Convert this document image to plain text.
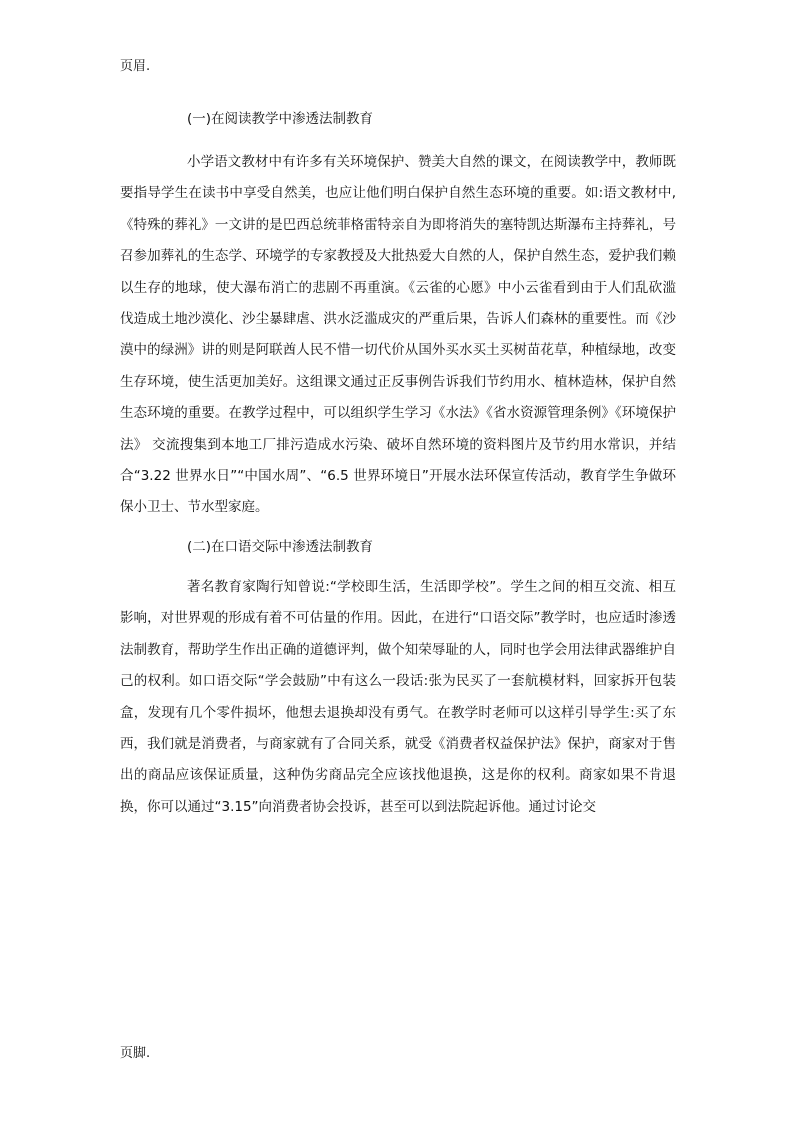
页眉.
(一)在阅读教学中渗透法制教育

小学语文教材中有许多有关环境保护、赞美大自然的课文，在阅读教学中，教师既要指导学生在读书中享受自然美，也应让他们明白保护自然生态环境的重要。如:语文教材中,《特殊的葬礼》一文讲的是巴西总统菲格雷特亲自为即将消失的塞特凯达斯瀑布主持葬礼，号召参加葬礼的生态学、环境学的专家教授及大批热爱大自然的人，保护自然生态，爱护我们赖以生存的地球，使大瀑布消亡的悲剧不再重演。《云雀的心愿》中小云雀看到由于人们乱砍滥伐造成土地沙漠化、沙尘暴肆虐、洪水泛滥成灾的严重后果，告诉人们森林的重要性。而《沙漠中的绿洲》讲的则是阿联酋人民不惜一切代价从国外买水买土买树苗花草，种植绿地，改变生存环境，使生活更加美好。这组课文通过正反事例告诉我们节约用水、植林造林，保护自然生态环境的重要。在教学过程中，可以组织学生学习《水法》《省水资源管理条例》《环境保护法》 交流搜集到本地工厂排污造成水污染、破坏自然环境的资料图片及节约用水常识，并结合“3.22 世界水日”“中国水周”、“6.5 世界环境日”开展水法环保宣传活动，教育学生争做环保小卫士、节水型家庭。

(二)在口语交际中渗透法制教育

著名教育家陶行知曾说:“学校即生活，生活即学校”。学生之间的相互交流、相互影响，对世界观的形成有着不可估量的作用。因此，在进行“口语交际”教学时，也应适时渗透法制教育，帮助学生作出正确的道德评判，做个知荣辱耻的人，同时也学会用法律武器维护自己的权利。如口语交际“学会鼓励”中有这么一段话:张为民买了一套航模材料，回家拆开包装盒，发现有几个零件损坏，他想去退换却没有勇气。在教学时老师可以这样引导学生:买了东西，我们就是消费者，与商家就有了合同关系，就受《消费者权益保护法》保护，商家对于售出的商品应该保证质量，这种伪劣商品完全应该找他退换，这是你的权利。商家如果不肯退换，你可以通过“3.15”向消费者协会投诉，甚至可以到法院起诉他。通过讨论交

页脚.
